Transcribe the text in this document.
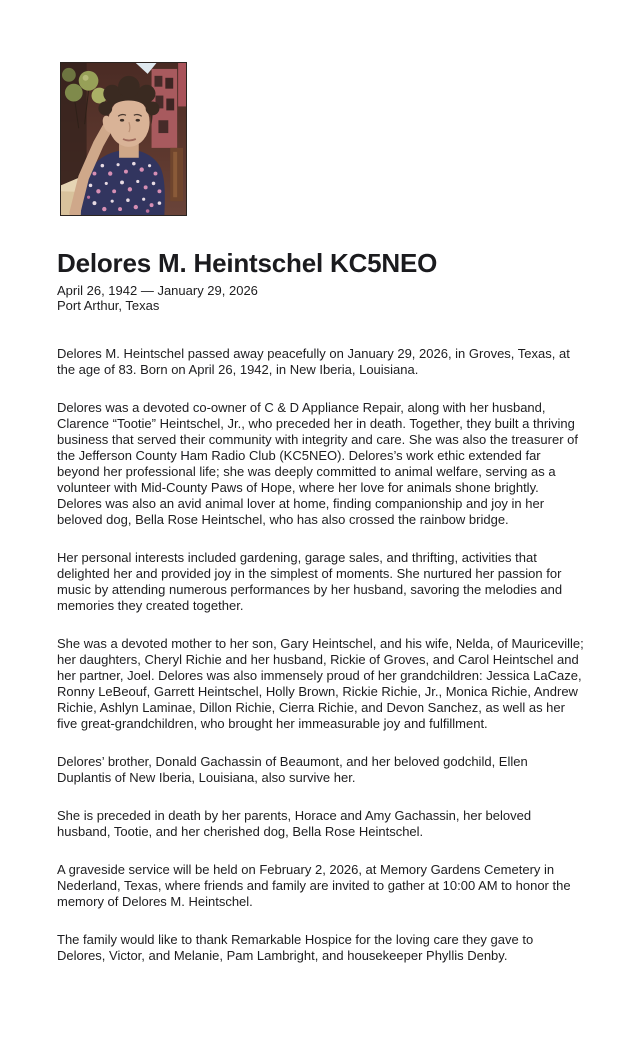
Delores M. Heintschel KC5NEO
April 26, 1942 — January 29, 2026
Port Arthur, Texas

Delores M. Heintschel passed away peacefully on January 29, 2026, in Groves, Texas, at the age of 83. Born on April 26, 1942, in New Iberia, Louisiana.

Delores was a devoted co-owner of C & D Appliance Repair, along with her husband, Clarence “Tootie” Heintschel, Jr., who preceded her in death. Together, they built a thriving business that served their community with integrity and care. She was also the treasurer of the Jefferson County Ham Radio Club (KC5NEO). Delores’s work ethic extended far beyond her professional life; she was deeply committed to animal welfare, serving as a volunteer with Mid-County Paws of Hope, where her love for animals shone brightly. Delores was also an avid animal lover at home, finding companionship and joy in her beloved dog, Bella Rose Heintschel, who has also crossed the rainbow bridge.

Her personal interests included gardening, garage sales, and thrifting, activities that delighted her and provided joy in the simplest of moments. She nurtured her passion for music by attending numerous performances by her husband, savoring the melodies and memories they created together.

She was a devoted mother to her son, Gary Heintschel, and his wife, Nelda, of Mauriceville; her daughters, Cheryl Richie and her husband, Rickie of Groves, and Carol Heintschel and her partner, Joel. Delores was also immensely proud of her grandchildren: Jessica LaCaze, Ronny LeBeouf, Garrett Heintschel, Holly Brown, Rickie Richie, Jr., Monica Richie, Andrew Richie, Ashlyn Laminae, Dillon Richie, Cierra Richie, and Devon Sanchez, as well as her five great-grandchildren, who brought her immeasurable joy and fulfillment.

Delores’ brother, Donald Gachassin of Beaumont, and her beloved godchild, Ellen Duplantis of New Iberia, Louisiana, also survive her.

She is preceded in death by her parents, Horace and Amy Gachassin, her beloved husband, Tootie, and her cherished dog, Bella Rose Heintschel.

A graveside service will be held on February 2, 2026, at Memory Gardens Cemetery in Nederland, Texas, where friends and family are invited to gather at 10:00 AM to honor the memory of Delores M. Heintschel.

The family would like to thank Remarkable Hospice for the loving care they gave to Delores, Victor, and Melanie, Pam Lambright, and housekeeper Phyllis Denby.
